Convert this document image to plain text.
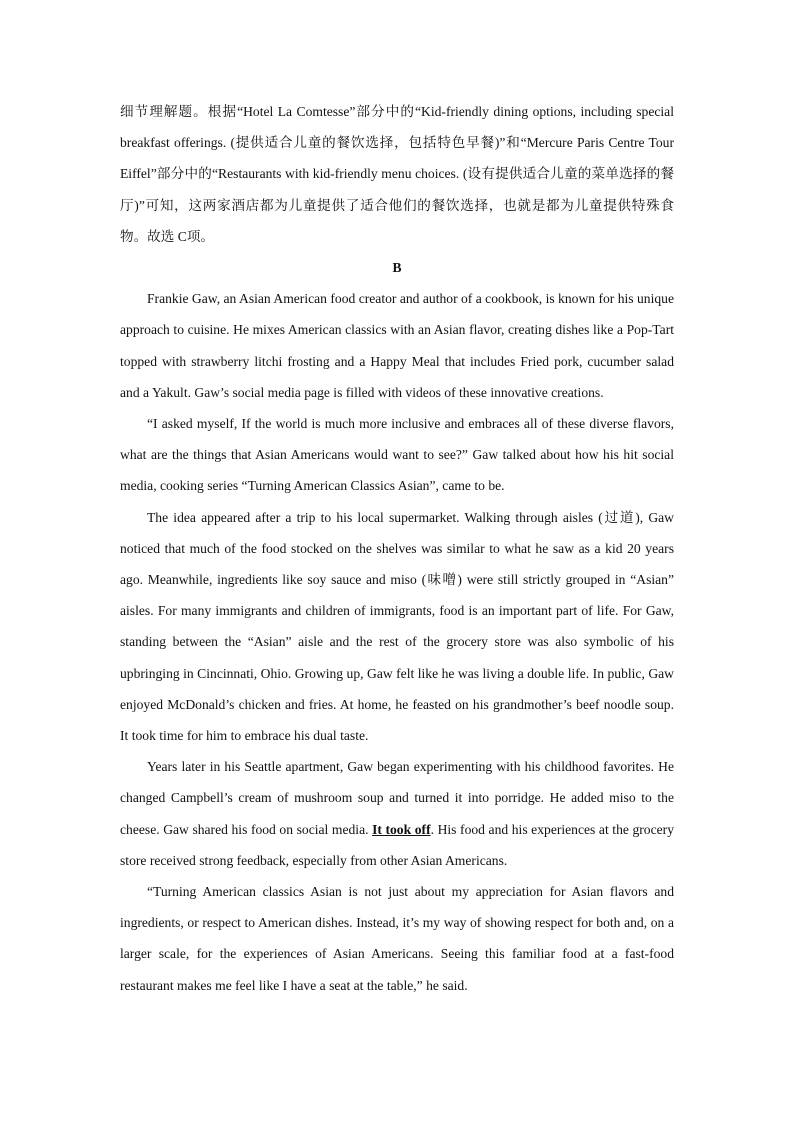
细节理解题。根据“Hotel La Comtesse”部分中的“Kid-friendly dining options, including special breakfast offerings. (提供适合儿童的餐饮选择，包括特色早餐)”和“Mercure Paris Centre Tour Eiffel”部分中的“Restaurants with kid-friendly menu choices. (设有提供适合儿童的菜单选择的餐厅)”可知，这两家酒店都为儿童提供了适合他们的餐饮选择，也就是都为儿童提供特殊食物。故选 C项。

B

Frankie Gaw, an Asian American food creator and author of a cookbook, is known for his unique approach to cuisine. He mixes American classics with an Asian flavor, creating dishes like a Pop-Tart topped with strawberry litchi frosting and a Happy Meal that includes Fried pork, cucumber salad and a Yakult. Gaw’s social media page is filled with videos of these innovative creations.

“I asked myself, If the world is much more inclusive and embraces all of these diverse flavors, what are the things that Asian Americans would want to see?” Gaw talked about how his hit social media, cooking series “Turning American Classics Asian”, came to be.

The idea appeared after a trip to his local supermarket. Walking through aisles (过道), Gaw noticed that much of the food stocked on the shelves was similar to what he saw as a kid 20 years ago. Meanwhile, ingredients like soy sauce and miso (味噌) were still strictly grouped in “Asian” aisles. For many immigrants and children of immigrants, food is an important part of life. For Gaw, standing between the “Asian” aisle and the rest of the grocery store was also symbolic of his upbringing in Cincinnati, Ohio. Growing up, Gaw felt like he was living a double life. In public, Gaw enjoyed McDonald’s chicken and fries. At home, he feasted on his grandmother’s beef noodle soup. It took time for him to embrace his dual taste.

Years later in his Seattle apartment, Gaw began experimenting with his childhood favorites. He changed Campbell’s cream of mushroom soup and turned it into porridge. He added miso to the cheese. Gaw shared his food on social media. It took off. His food and his experiences at the grocery store received strong feedback, especially from other Asian Americans.

“Turning American classics Asian is not just about my appreciation for Asian flavors and ingredients, or respect to American dishes. Instead, it’s my way of showing respect for both and, on a larger scale, for the experiences of Asian Americans. Seeing this familiar food at a fast-food restaurant makes me feel like I have a seat at the table,” he said.
